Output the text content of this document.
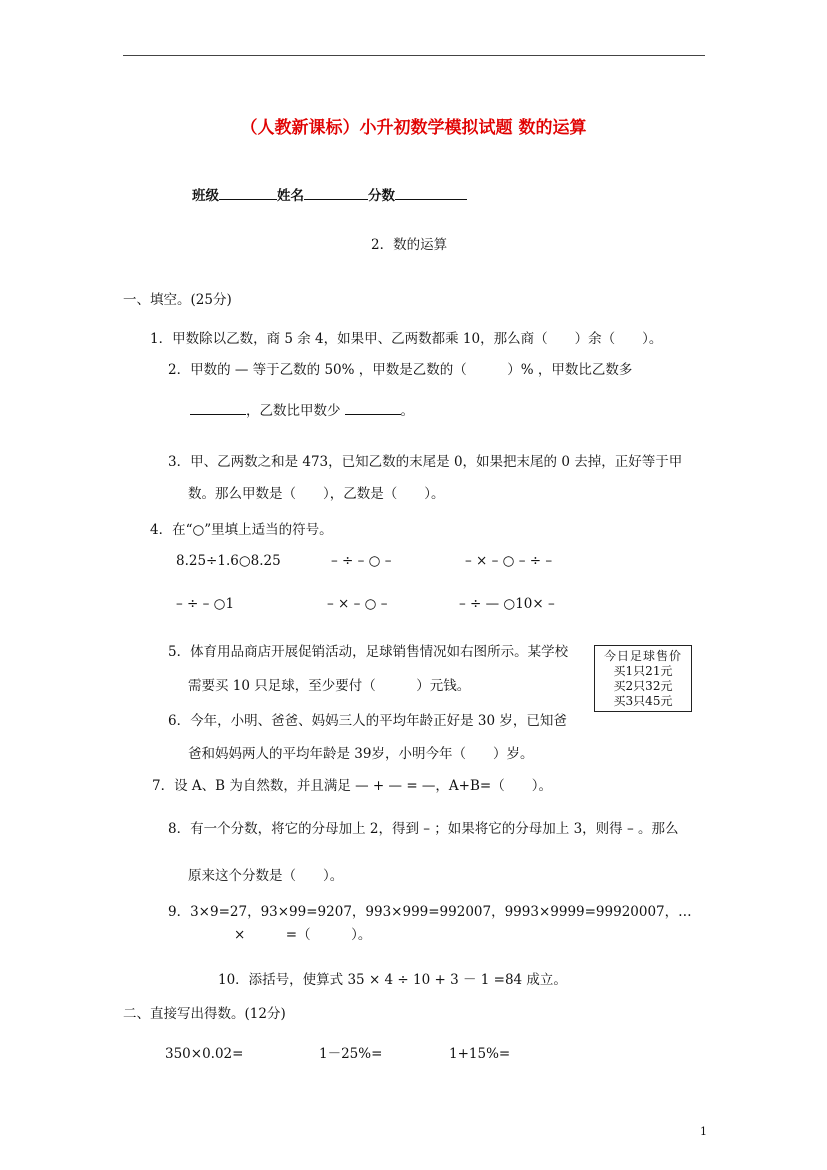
（人教新课标）小升初数学模拟试题 数的运算
班级	姓名	分数
2．数的运算
一、填空。(25分)
1．甲数除以乙数，商 5 余 4，如果甲、乙两数都乘 10，那么商（　　）余（　　）。
2．甲数的 — 等于乙数的 50% ，甲数是乙数的（　　　）% ，甲数比乙数多
，乙数比甲数少	。
3．甲、乙两数之和是 473，已知乙数的末尾是 0，如果把末尾的 0 去掉，正好等于甲
数。那么甲数是（　　），乙数是（　　）。
4．在“○”里填上适当的符号。
8.25÷1.6○8.25	– ÷ – ○ –	– × – ○ – ÷ –
– ÷ – ○1	– × – ○ –	– ÷ — ○10× –
5．体育用品商店开展促销活动，足球销售情况如右图所示。某学校
需要买 10 只足球，至少要付（　　　）元钱。
今日足球售价
买1只21元
买2只32元
买3只45元
6．今年，小明、爸爸、妈妈三人的平均年龄正好是 30 岁，已知爸
爸和妈妈两人的平均年龄是 39岁，小明今年（　　）岁。
7．设 A、B 为自然数，并且满足 — + — = —，A+B=（　　）。
8．有一个分数，将它的分母加上 2，得到 – ；如果将它的分母加上 3，则得 – 。那么
原来这个分数是（　　）。
9．3×9=27，93×99=9207，993×999=992007，9993×9999=99920007，…
×　　　=（　　　）。
10．添括号，使算式 35 × 4 ÷ 10 + 3 － 1 =84 成立。
二、直接写出得数。(12分)
350×0.02=	1－25%=	1+15%=
1
